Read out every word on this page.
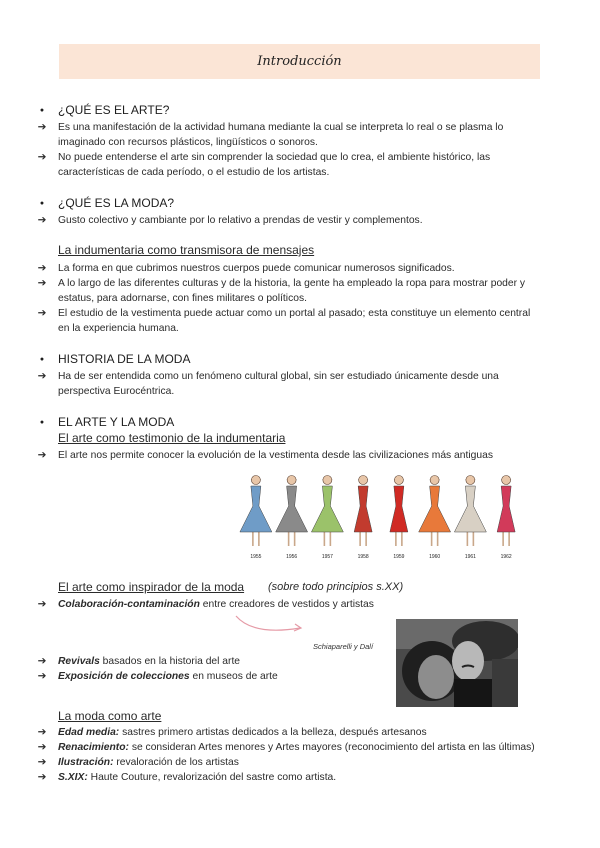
Introducción
●	¿QUÉ ES EL ARTE?
➔ Es una manifestación de la actividad humana mediante la cual se interpreta lo real o se plasma lo
imaginado con recursos plásticos, lingüísticos o sonoros.
➔ No puede entenderse el arte sin comprender la sociedad que lo crea, el ambiente histórico, las
características de cada período, o el estudio de los artistas.
●	¿QUÉ ES LA MODA?
➔ Gusto colectivo y cambiante por lo relativo a prendas de vestir y complementos.
La indumentaria como transmisora de mensajes
➔ La forma en que cubrimos nuestros cuerpos puede comunicar numerosos significados.
➔ A lo largo de las diferentes culturas y de la historia, la gente ha empleado la ropa para mostrar poder y
estatus, para adornarse, con fines militares o políticos.
➔ El estudio de la vestimenta puede actuar como un portal al pasado; esta constituye un elemento central
en la experiencia humana.
●	HISTORIA DE LA MODA
➔ Ha de ser entendida como un fenómeno cultural global, sin ser estudiado únicamente desde una
perspectiva Eurocéntrica.
●	EL ARTE Y LA MODA
El arte como testimonio de la indumentaria
➔ El arte nos permite conocer la evolución de la vestimenta desde las civilizaciones más antiguas
1955	1956	1957	1958	1959	1960	1961	1962
El arte como inspirador de la moda (sobre todo principios s.XX)
➔ Colaboración-contaminación entre creadores de vestidos y artistas
Schiaparelli y Dalí
➔ Revivals basados en la historia del arte
➔ Exposición de colecciones en museos de arte
La moda como arte
➔ Edad media: sastres primero artistas dedicados a la belleza, después artesanos
➔ Renacimiento: se consideran Artes menores y Artes mayores (reconocimiento del artista en las últimas)
➔ Ilustración: revaloración de los artistas
➔ S.XIX: Haute Couture, revalorización del sastre como artista.
